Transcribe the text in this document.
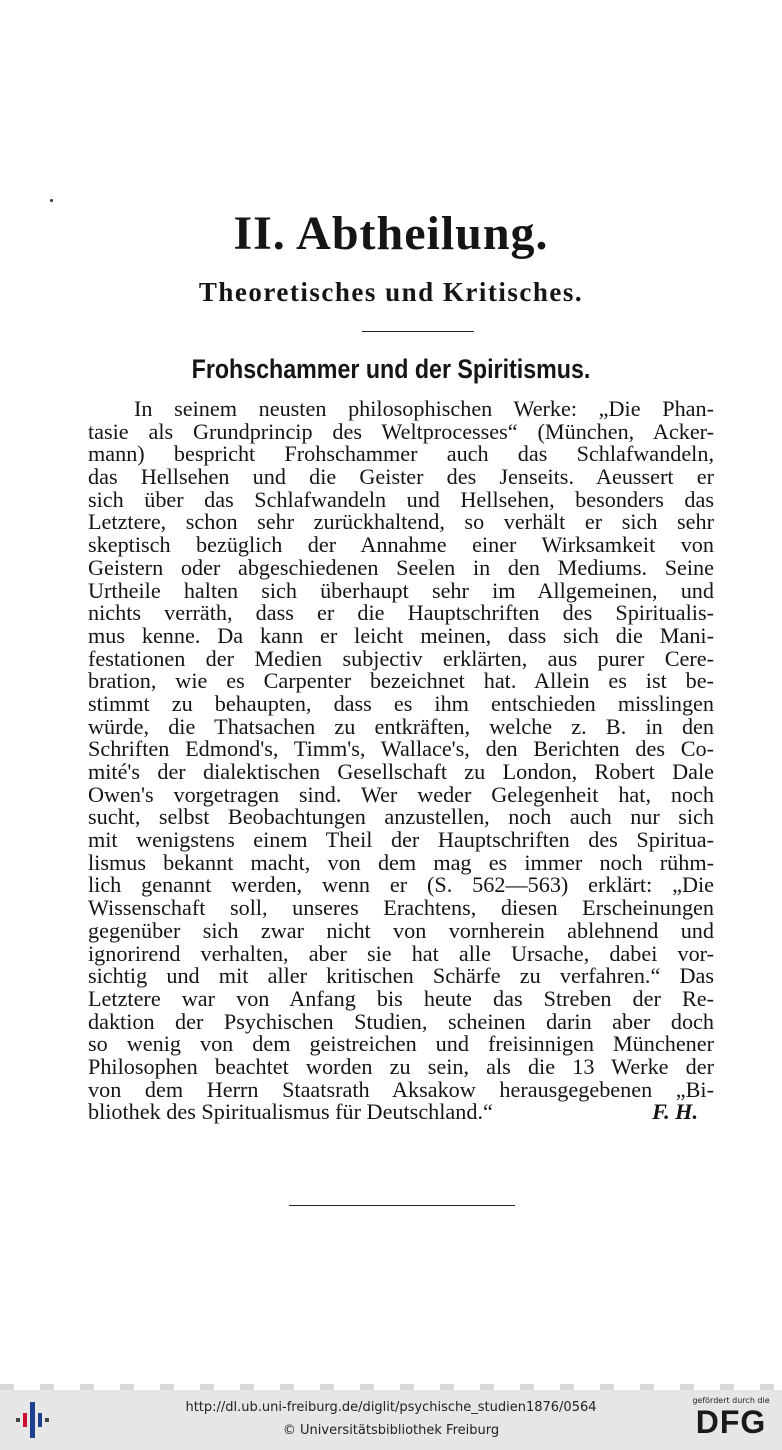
II. Abtheilung.
Theoretisches und Kritisches.
Frohschammer und der Spiritismus.
In seinem neusten philosophischen Werke: „Die Phan-
tasie als Grundprincip des Weltprocesses“ (München, Acker-
mann) bespricht Frohschammer auch das Schlafwandeln,
das Hellsehen und die Geister des Jenseits. Aeussert er
sich über das Schlafwandeln und Hellsehen, besonders das
Letztere, schon sehr zurückhaltend, so verhält er sich sehr
skeptisch bezüglich der Annahme einer Wirksamkeit von
Geistern oder abgeschiedenen Seelen in den Mediums. Seine
Urtheile halten sich überhaupt sehr im Allgemeinen, und
nichts verräth, dass er die Hauptschriften des Spiritualis-
mus kenne. Da kann er leicht meinen, dass sich die Mani-
festationen der Medien subjectiv erklärten, aus purer Cere-
bration, wie es Carpenter bezeichnet hat. Allein es ist be-
stimmt zu behaupten, dass es ihm entschieden misslingen
würde, die Thatsachen zu entkräften, welche z. B. in den
Schriften Edmond's, Timm's, Wallace's, den Berichten des Co-
mité's der dialektischen Gesellschaft zu London, Robert Dale
Owen's vorgetragen sind. Wer weder Gelegenheit hat, noch
sucht, selbst Beobachtungen anzustellen, noch auch nur sich
mit wenigstens einem Theil der Hauptschriften des Spiritua-
lismus bekannt macht, von dem mag es immer noch rühm-
lich genannt werden, wenn er (S. 562—563) erklärt: „Die
Wissenschaft soll, unseres Erachtens, diesen Erscheinungen
gegenüber sich zwar nicht von vornherein ablehnend und
ignorirend verhalten, aber sie hat alle Ursache, dabei vor-
sichtig und mit aller kritischen Schärfe zu verfahren.“ Das
Letztere war von Anfang bis heute das Streben der Re-
daktion der Psychischen Studien, scheinen darin aber doch
so wenig von dem geistreichen und freisinnigen Münchener
Philosophen beachtet worden zu sein, als die 13 Werke der
von dem Herrn Staatsrath Aksakow herausgegebenen „Bi-
bliothek des Spiritualismus für Deutschland.“	F. H.
http://dl.ub.uni-freiburg.de/diglit/psychische_studien1876/0564
© Universitätsbibliothek Freiburg
gefördert durch die
DFG
